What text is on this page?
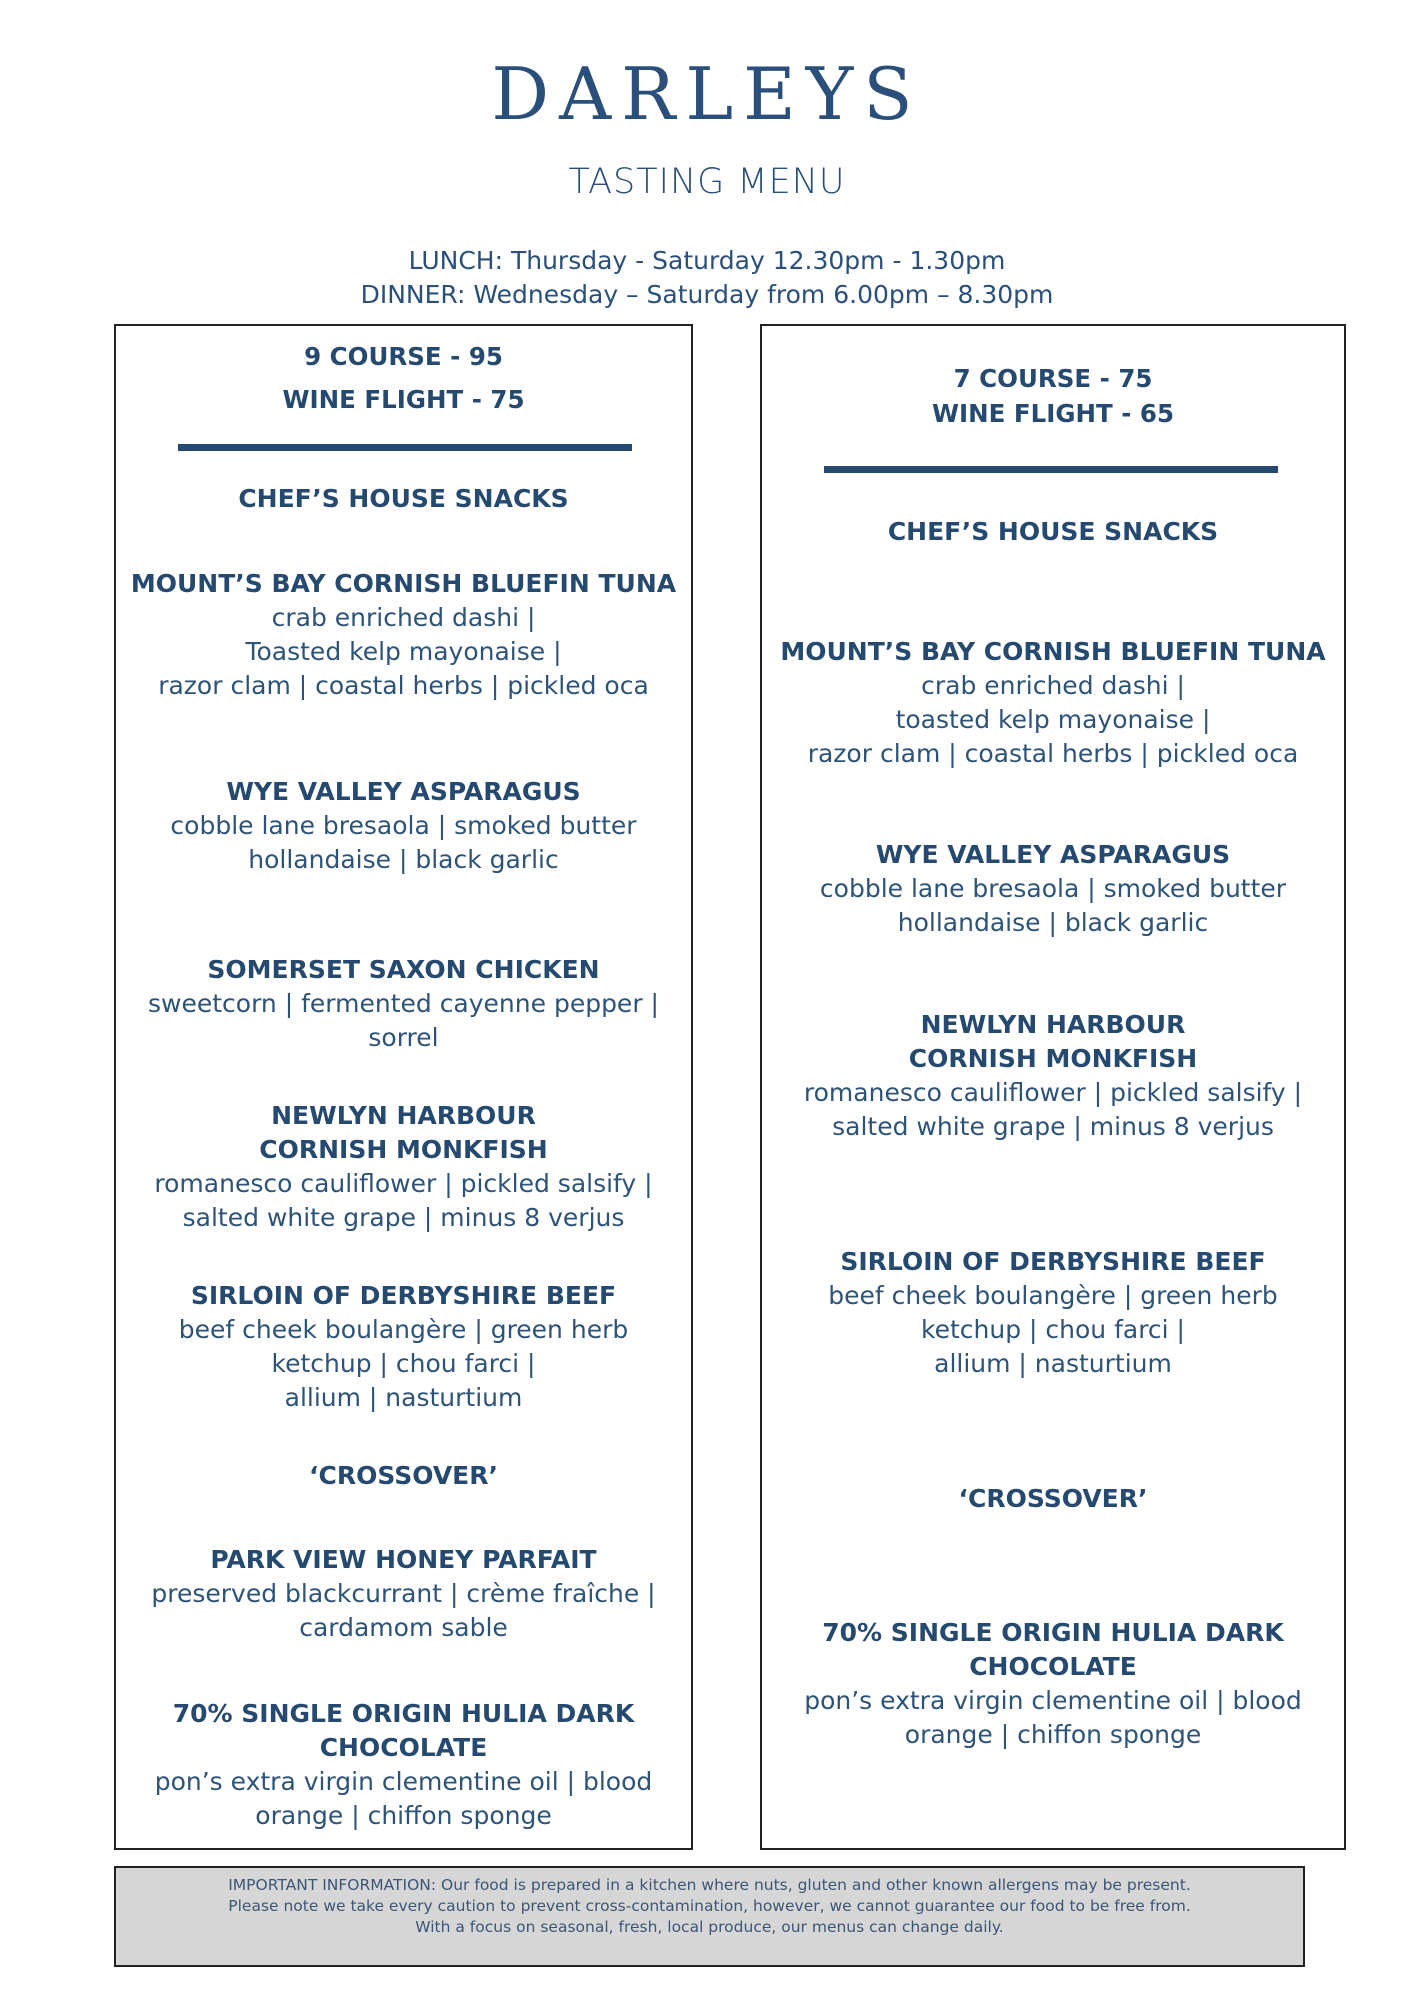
DARLEYS
TASTING MENU
LUNCH: Thursday - Saturday 12.30pm - 1.30pm
DINNER: Wednesday – Saturday from 6.00pm – 8.30pm
9 COURSE - 95
WINE FLIGHT - 75
CHEF’S HOUSE SNACKS
MOUNT’S BAY CORNISH BLUEFIN TUNA
crab enriched dashi |
Toasted kelp mayonaise |
razor clam | coastal herbs | pickled oca
WYE VALLEY ASPARAGUS
cobble lane bresaola | smoked butter
hollandaise | black garlic
SOMERSET SAXON CHICKEN
sweetcorn | fermented cayenne pepper |
sorrel
NEWLYN HARBOUR
CORNISH MONKFISH
romanesco cauliflower | pickled salsify |
salted white grape | minus 8 verjus
SIRLOIN OF DERBYSHIRE BEEF
beef cheek boulangère | green herb
ketchup | chou farci |
allium | nasturtium
‘CROSSOVER’
PARK VIEW HONEY PARFAIT
preserved blackcurrant | crème fraîche |
cardamom sable
70% SINGLE ORIGIN HULIA DARK
CHOCOLATE
pon’s extra virgin clementine oil | blood
orange | chiffon sponge
7 COURSE - 75
WINE FLIGHT - 65
CHEF’S HOUSE SNACKS
MOUNT’S BAY CORNISH BLUEFIN TUNA
crab enriched dashi |
toasted kelp mayonaise |
razor clam | coastal herbs | pickled oca
WYE VALLEY ASPARAGUS
cobble lane bresaola | smoked butter
hollandaise | black garlic
NEWLYN HARBOUR
CORNISH MONKFISH
romanesco cauliflower | pickled salsify |
salted white grape | minus 8 verjus
SIRLOIN OF DERBYSHIRE BEEF
beef cheek boulangère | green herb
ketchup | chou farci |
allium | nasturtium
‘CROSSOVER’
70% SINGLE ORIGIN HULIA DARK
CHOCOLATE
pon’s extra virgin clementine oil | blood
orange | chiffon sponge
IMPORTANT INFORMATION: Our food is prepared in a kitchen where nuts, gluten and other known allergens may be present.
Please note we take every caution to prevent cross-contamination, however, we cannot guarantee our food to be free from.
With a focus on seasonal, fresh, local produce, our menus can change daily.
